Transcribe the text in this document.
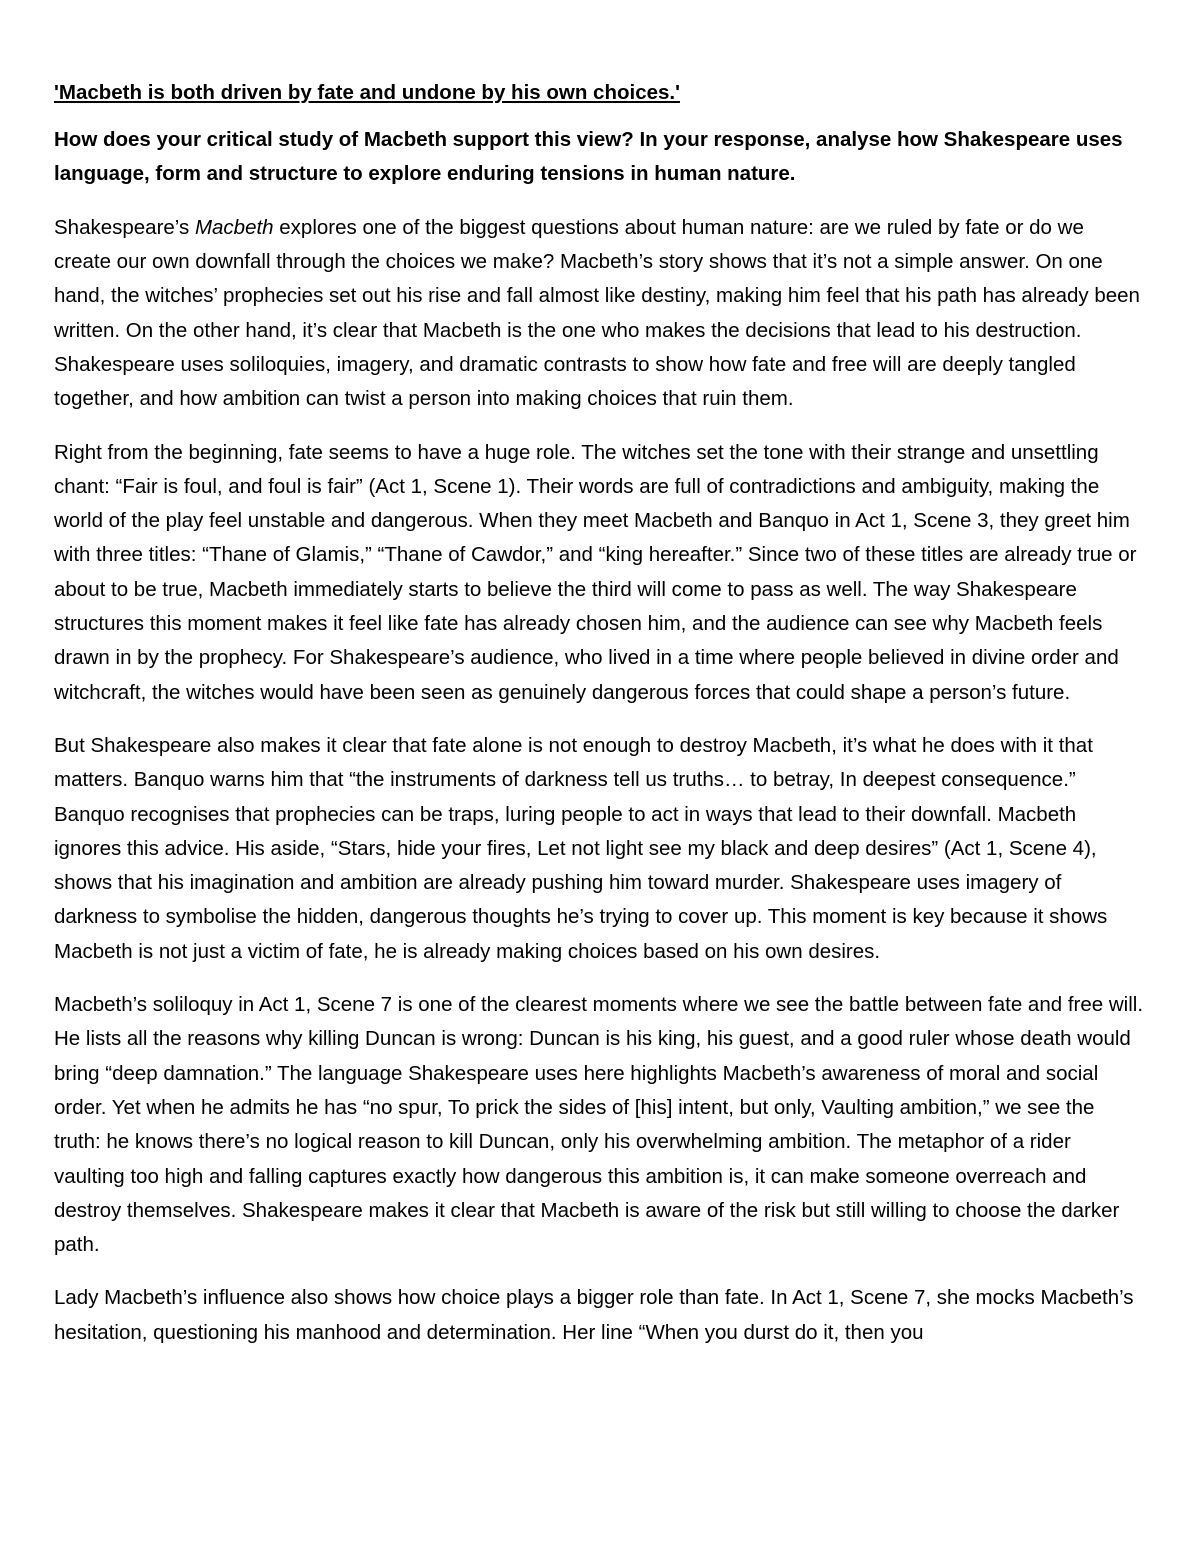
'Macbeth is both driven by fate and undone by his own choices.'
How does your critical study of Macbeth support this view? In your response, analyse how Shakespeare uses language, form and structure to explore enduring tensions in human nature.
Shakespeare’s Macbeth explores one of the biggest questions about human nature: are we ruled by fate or do we create our own downfall through the choices we make? Macbeth’s story shows that it’s not a simple answer. On one hand, the witches’ prophecies set out his rise and fall almost like destiny, making him feel that his path has already been written. On the other hand, it’s clear that Macbeth is the one who makes the decisions that lead to his destruction. Shakespeare uses soliloquies, imagery, and dramatic contrasts to show how fate and free will are deeply tangled together, and how ambition can twist a person into making choices that ruin them.
Right from the beginning, fate seems to have a huge role. The witches set the tone with their strange and unsettling chant: “Fair is foul, and foul is fair” (Act 1, Scene 1). Their words are full of contradictions and ambiguity, making the world of the play feel unstable and dangerous. When they meet Macbeth and Banquo in Act 1, Scene 3, they greet him with three titles: “Thane of Glamis,” “Thane of Cawdor,” and “king hereafter.” Since two of these titles are already true or about to be true, Macbeth immediately starts to believe the third will come to pass as well. The way Shakespeare structures this moment makes it feel like fate has already chosen him, and the audience can see why Macbeth feels drawn in by the prophecy. For Shakespeare’s audience, who lived in a time where people believed in divine order and witchcraft, the witches would have been seen as genuinely dangerous forces that could shape a person’s future.
But Shakespeare also makes it clear that fate alone is not enough to destroy Macbeth, it’s what he does with it that matters. Banquo warns him that “the instruments of darkness tell us truths… to betray, In deepest consequence.” Banquo recognises that prophecies can be traps, luring people to act in ways that lead to their downfall. Macbeth ignores this advice. His aside, “Stars, hide your fires, Let not light see my black and deep desires” (Act 1, Scene 4), shows that his imagination and ambition are already pushing him toward murder. Shakespeare uses imagery of darkness to symbolise the hidden, dangerous thoughts he’s trying to cover up. This moment is key because it shows Macbeth is not just a victim of fate, he is already making choices based on his own desires.
Macbeth’s soliloquy in Act 1, Scene 7 is one of the clearest moments where we see the battle between fate and free will. He lists all the reasons why killing Duncan is wrong: Duncan is his king, his guest, and a good ruler whose death would bring “deep damnation.” The language Shakespeare uses here highlights Macbeth’s awareness of moral and social order. Yet when he admits he has “no spur, To prick the sides of [his] intent, but only, Vaulting ambition,” we see the truth: he knows there’s no logical reason to kill Duncan, only his overwhelming ambition. The metaphor of a rider vaulting too high and falling captures exactly how dangerous this ambition is, it can make someone overreach and destroy themselves. Shakespeare makes it clear that Macbeth is aware of the risk but still willing to choose the darker path.
Lady Macbeth’s influence also shows how choice plays a bigger role than fate. In Act 1, Scene 7, she mocks Macbeth’s hesitation, questioning his manhood and determination. Her line “When you durst do it, then you
